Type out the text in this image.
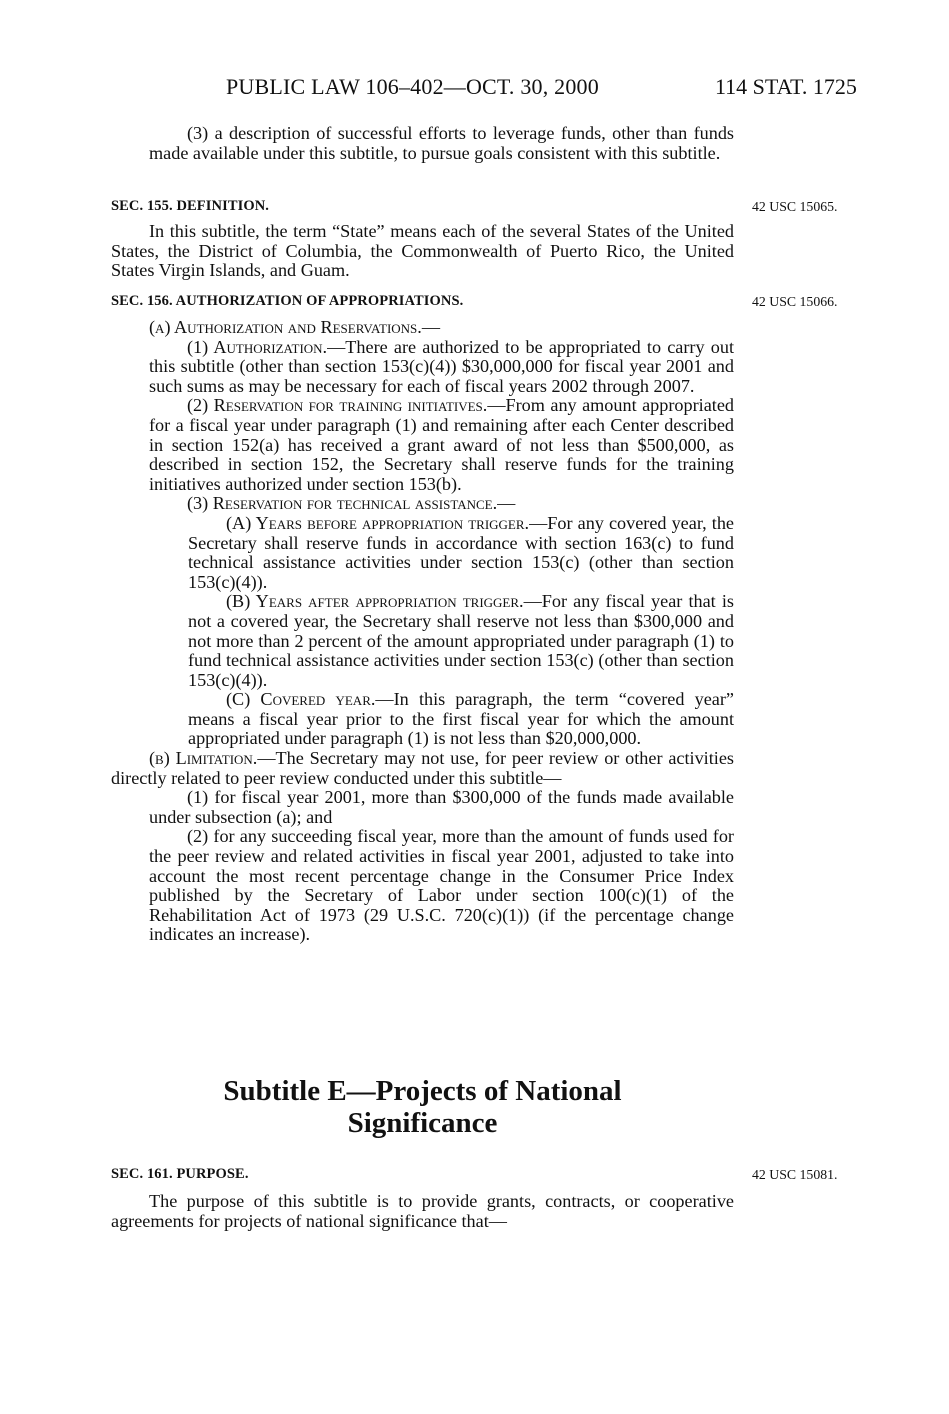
PUBLIC LAW 106–402—OCT. 30, 2000	114 STAT. 1725

(3) a description of successful efforts to leverage funds, other than funds made available under this subtitle, to pursue goals consistent with this subtitle.

SEC. 155. DEFINITION.	42 USC 15065.

In this subtitle, the term “State” means each of the several States of the United States, the District of Columbia, the Commonwealth of Puerto Rico, the United States Virgin Islands, and Guam.

SEC. 156. AUTHORIZATION OF APPROPRIATIONS.	42 USC 15066.

(a) Authorization and Reservations.—

(1) Authorization.—There are authorized to be appropriated to carry out this subtitle (other than section 153(c)(4)) $30,000,000 for fiscal year 2001 and such sums as may be necessary for each of fiscal years 2002 through 2007.

(2) Reservation for training initiatives.—From any amount appropriated for a fiscal year under paragraph (1) and remaining after each Center described in section 152(a) has received a grant award of not less than $500,000, as described in section 152, the Secretary shall reserve funds for the training initiatives authorized under section 153(b).

(3) Reservation for technical assistance.—

(A) Years before appropriation trigger.—For any covered year, the Secretary shall reserve funds in accordance with section 163(c) to fund technical assistance activities under section 153(c) (other than section 153(c)(4)).

(B) Years after appropriation trigger.—For any fiscal year that is not a covered year, the Secretary shall reserve not less than $300,000 and not more than 2 percent of the amount appropriated under paragraph (1) to fund technical assistance activities under section 153(c) (other than section 153(c)(4)).

(C) Covered year.—In this paragraph, the term “covered year” means a fiscal year prior to the first fiscal year for which the amount appropriated under paragraph (1) is not less than $20,000,000.

(b) Limitation.—The Secretary may not use, for peer review or other activities directly related to peer review conducted under this subtitle—

(1) for fiscal year 2001, more than $300,000 of the funds made available under subsection (a); and

(2) for any succeeding fiscal year, more than the amount of funds used for the peer review and related activities in fiscal year 2001, adjusted to take into account the most recent percentage change in the Consumer Price Index published by the Secretary of Labor under section 100(c)(1) of the Rehabilitation Act of 1973 (29 U.S.C. 720(c)(1)) (if the percentage change indicates an increase).

Subtitle E—Projects of National
Significance
SEC. 161. PURPOSE.	42 USC 15081.

The purpose of this subtitle is to provide grants, contracts, or cooperative agreements for projects of national significance that—
